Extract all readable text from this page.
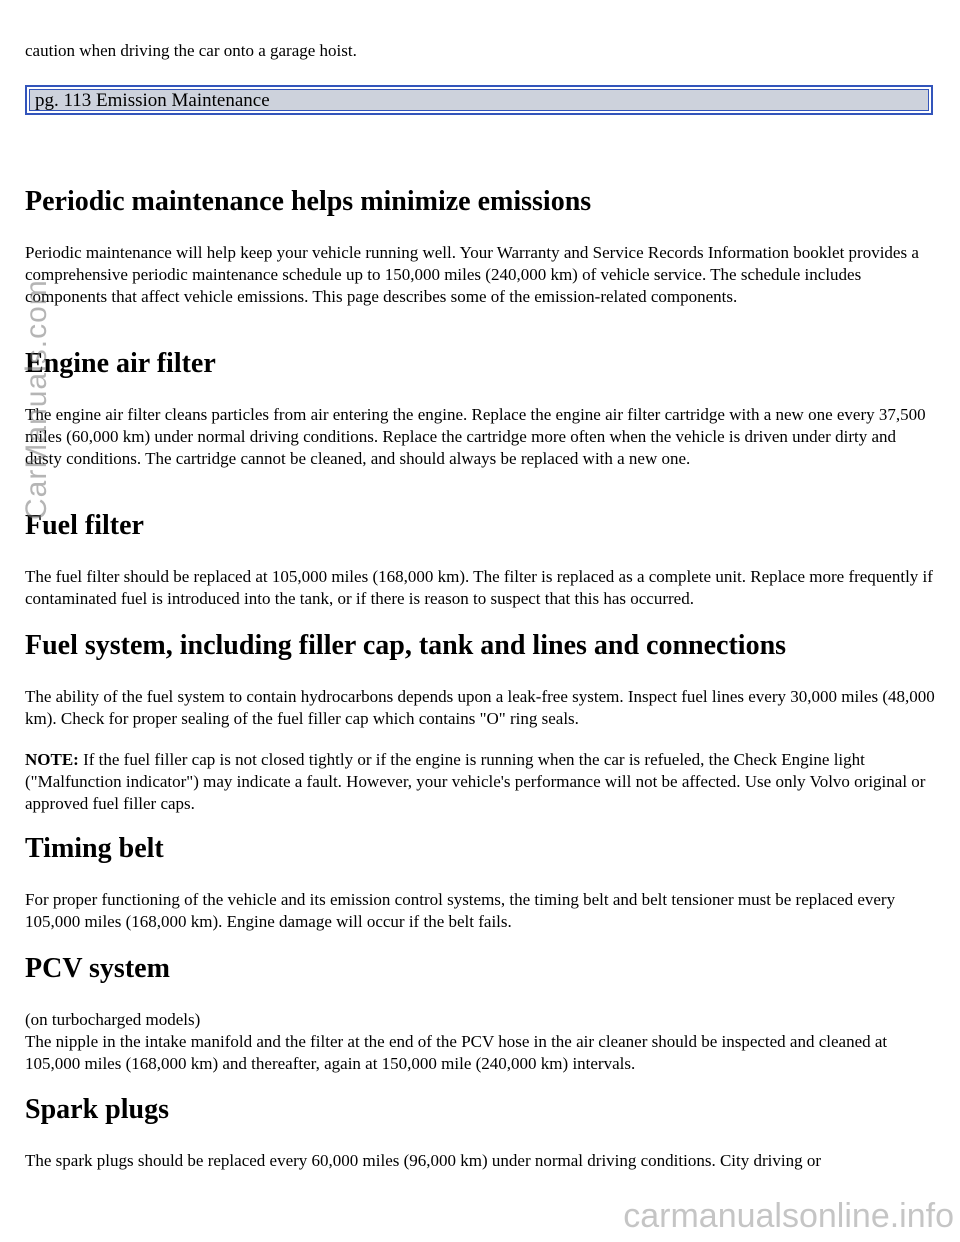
caution when driving the car onto a garage hoist.

pg. 113 Emission Maintenance
Periodic maintenance helps minimize emissions

Periodic maintenance will help keep your vehicle running well. Your Warranty and Service Records Information booklet provides a comprehensive periodic maintenance schedule up to 150,000 miles (240,000 km) of vehicle service. The schedule includes components that affect vehicle emissions. This page describes some of the emission-related components.

Engine air filter

The engine air filter cleans particles from air entering the engine. Replace the engine air filter cartridge with a new one every 37,500 miles (60,000 km) under normal driving conditions. Replace the cartridge more often when the vehicle is driven under dirty and dusty conditions. The cartridge cannot be cleaned, and should always be replaced with a new one.

Fuel filter

The fuel filter should be replaced at 105,000 miles (168,000 km). The filter is replaced as a complete unit. Replace more frequently if contaminated fuel is introduced into the tank, or if there is reason to suspect that this has occurred.

Fuel system, including filler cap, tank and lines and connections

The ability of the fuel system to contain hydrocarbons depends upon a leak-free system. Inspect fuel lines every 30,000 miles (48,000 km). Check for proper sealing of the fuel filler cap which contains "O" ring seals.

NOTE: If the fuel filler cap is not closed tightly or if the engine is running when the car is refueled, the Check Engine light ("Malfunction indicator") may indicate a fault. However, your vehicle's performance will not be affected. Use only Volvo original or approved fuel filler caps.

Timing belt

For proper functioning of the vehicle and its emission control systems, the timing belt and belt tensioner must be replaced every 105,000 miles (168,000 km). Engine damage will occur if the belt fails.

PCV system

(on turbocharged models)

The nipple in the intake manifold and the filter at the end of the PCV hose in the air cleaner should be inspected and cleaned at 105,000 miles (168,000 km) and thereafter, again at 150,000 mile (240,000 km) intervals.

Spark plugs

The spark plugs should be replaced every 60,000 miles (96,000 km) under normal driving conditions. City driving or

CarManuals.com
carmanualsonline.info
